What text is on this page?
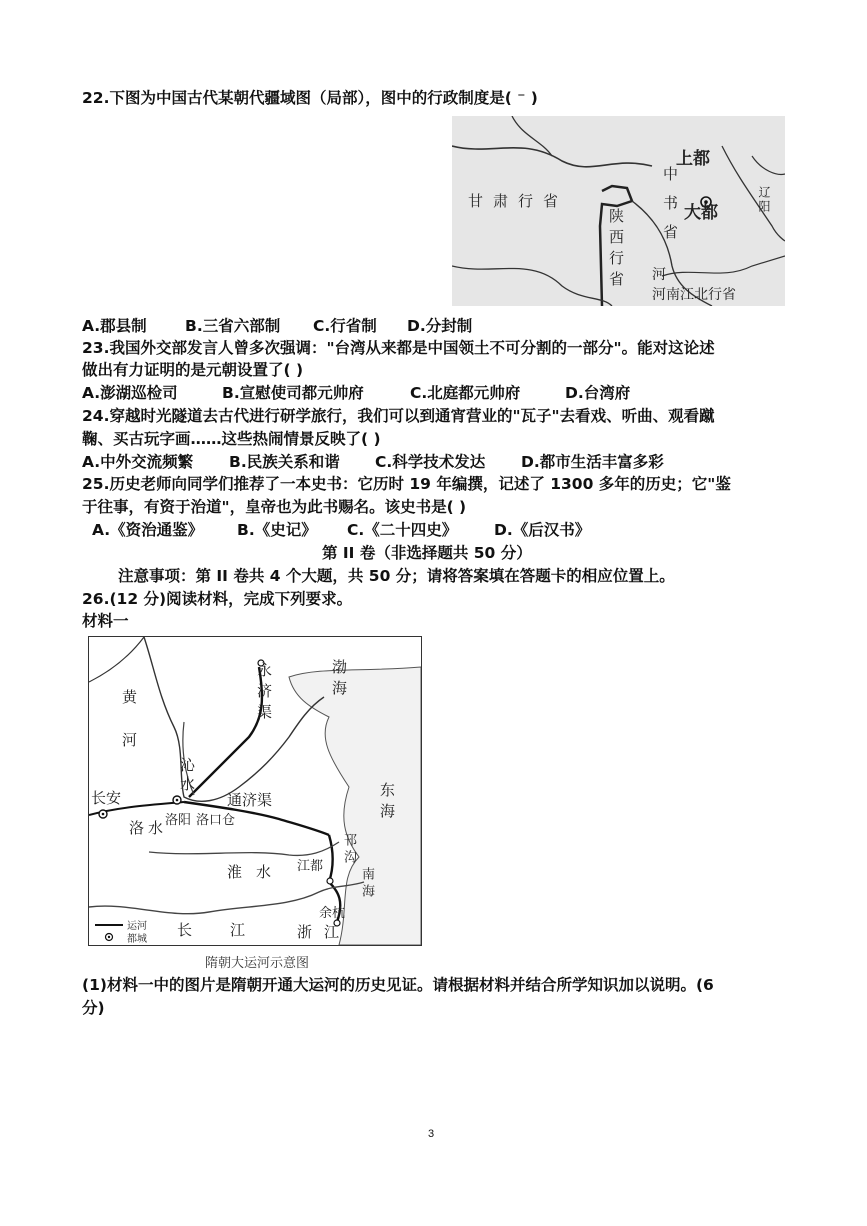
22.下图为中国古代某朝代疆域图（局部），图中的行政制度是( ⁻ )
上都
大都
甘肃行省
陕西行省 中书省
河
河南江北行省
辽阳
A.郡县制 B.三省六部制 C.行省制 D.分封制
23.我国外交部发言人曾多次强调："台湾从来都是中国领土不可分割的一部分"。能对这论述
做出有力证明的是元朝设置了( )
A.澎湖巡检司	B.宣慰使司都元帅府	C.北庭都元帅府	D.台湾府
24.穿越时光隧道去古代进行研学旅行，我们可以到通宵营业的"瓦子"去看戏、听曲、观看蹴
鞠、买古玩字画……这些热闹情景反映了( )
A.中外交流频繁 B.民族关系和谐 C.科学技术发达 D.都市生活丰富多彩
25.历史老师向同学们推荐了一本史书：它历时 19 年编撰，记述了 1300 多年的历史；它"鉴
于往事，有资于治道"，皇帝也为此书赐名。该史书是( )
A.《资治通鉴》 B.《史记》 C.《二十四史》 D.《后汉书》
第 II 卷（非选择题共 50 分）
注意事项：第 II 卷共 4 个大题，共 50 分；请将答案填在答题卡的相应位置上。
26.(12 分)阅读材料，完成下列要求。
材料一
黄河	永济渠	渤海
沁水
长安
洛水
洛阳 洛口仓
通济渠	东海
淮水 江都 邗沟
南海
长江
余杭
浙江
运河
都城
隋朝大运河示意图
(1)材料一中的图片是隋朝开通大运河的历史见证。请根据材料并结合所学知识加以说明。(6
分)
3
